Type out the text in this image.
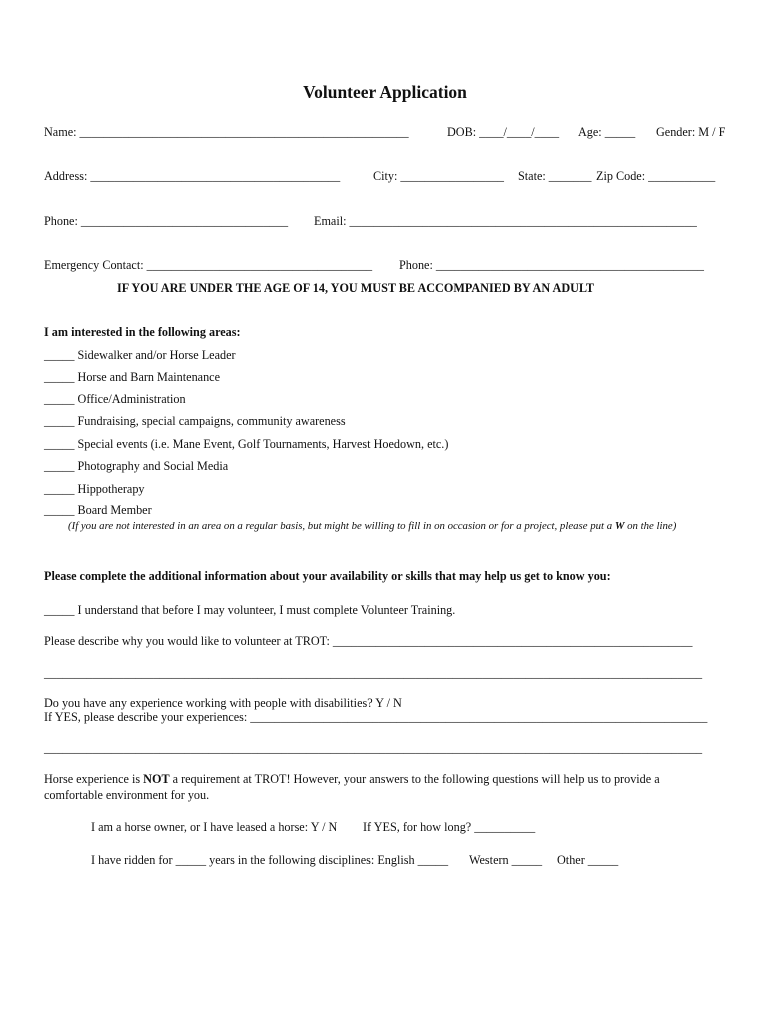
Volunteer Application
Name: ______________________________________________________	DOB: ____/____/____ Age: _____ Gender: M / F
Address: _________________________________________	City: _________________ State: _______ Zip Code: ___________
Phone: __________________________________ Email: _________________________________________________________
Emergency Contact: _____________________________________ Phone: ____________________________________________
IF YOU ARE UNDER THE AGE OF 14, YOU MUST BE ACCOMPANIED BY AN ADULT
I am interested in the following areas:
_____ Sidewalker and/or Horse Leader
_____ Horse and Barn Maintenance
_____ Office/Administration
_____ Fundraising, special campaigns, community awareness
_____ Special events (i.e. Mane Event, Golf Tournaments, Harvest Hoedown, etc.)
_____ Photography and Social Media
_____ Hippotherapy
_____ Board Member
(If you are not interested in an area on a regular basis, but might be willing to fill in on occasion or for a project, please put a W on the line)
Please complete the additional information about your availability or skills that may help us get to know you:
_____ I understand that before I may volunteer, I must complete Volunteer Training.
Please describe why you would like to volunteer at TROT: ___________________________________________________________
____________________________________________________________________________________________________________
Do you have any experience working with people with disabilities? Y / N
If YES, please describe your experiences: ___________________________________________________________________________
____________________________________________________________________________________________________________
Horse experience is NOT a requirement at TROT! However, your answers to the following questions will help us to provide a
comfortable environment for you.
I am a horse owner, or I have leased a horse: Y / N If YES, for how long? __________
I have ridden for _____ years in the following disciplines: English _____ Western _____ Other _____
